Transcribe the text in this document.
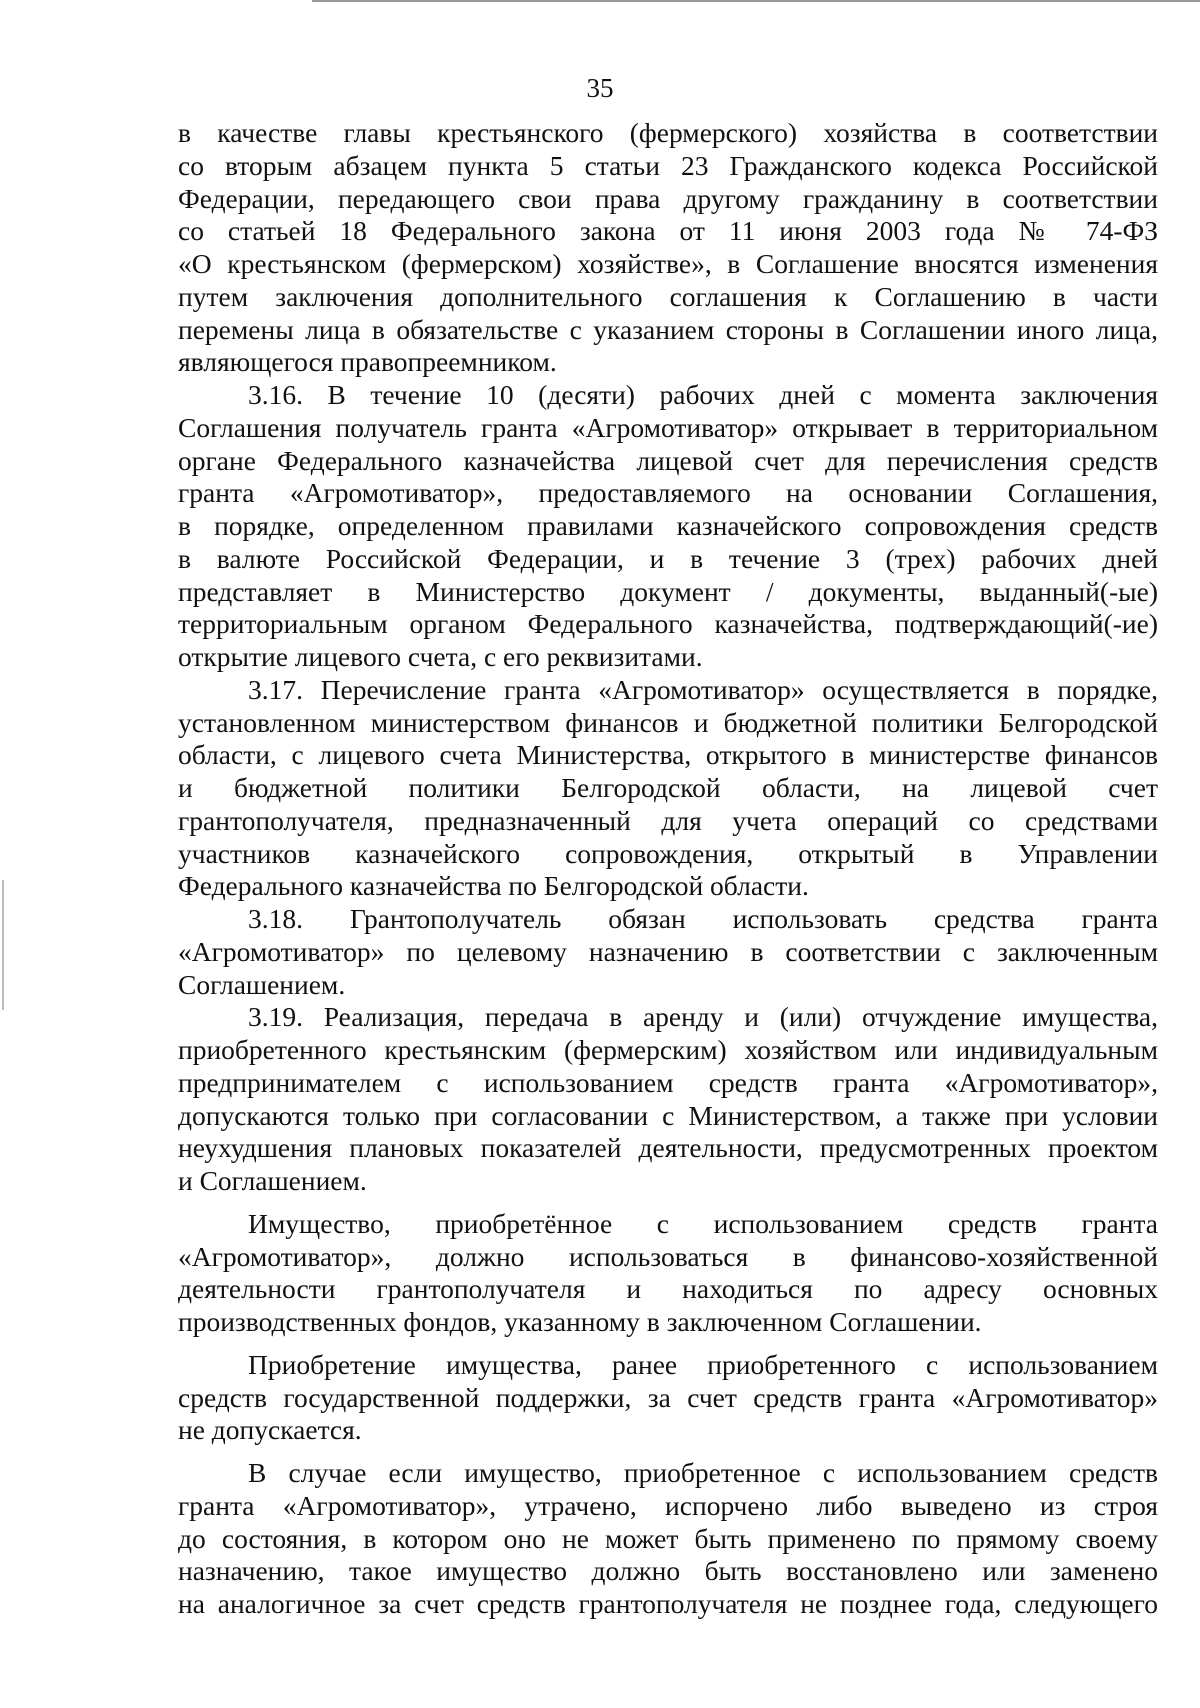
35
в качестве главы крестьянского (фермерского) хозяйства в соответствии
со вторым абзацем пункта 5 статьи 23 Гражданского кодекса Российской
Федерации, передающего свои права другому гражданину в соответствии
со статьей 18 Федерального закона от 11 июня 2003 года № 74-ФЗ
«О крестьянском (фермерском) хозяйстве», в Соглашение вносятся изменения
путем заключения дополнительного соглашения к Соглашению в части
перемены лица в обязательстве с указанием стороны в Соглашении иного лица,
являющегося правопреемником.
3.16. В течение 10 (десяти) рабочих дней с момента заключения
Соглашения получатель гранта «Агромотиватор» открывает в территориальном
органе Федерального казначейства лицевой счет для перечисления средств
гранта «Агромотиватор», предоставляемого на основании Соглашения,
в порядке, определенном правилами казначейского сопровождения средств
в валюте Российской Федерации, и в течение 3 (трех) рабочих дней
представляет в Министерство документ / документы, выданный(-ые)
территориальным органом Федерального казначейства, подтверждающий(-ие)
открытие лицевого счета, с его реквизитами.
3.17. Перечисление гранта «Агромотиватор» осуществляется в порядке,
установленном министерством финансов и бюджетной политики Белгородской
области, с лицевого счета Министерства, открытого в министерстве финансов
и бюджетной политики Белгородской области, на лицевой счет
грантополучателя, предназначенный для учета операций со средствами
участников казначейского сопровождения, открытый в Управлении
Федерального казначейства по Белгородской области.
3.18. Грантополучатель обязан использовать средства гранта
«Агромотиватор» по целевому назначению в соответствии с заключенным
Соглашением.
3.19. Реализация, передача в аренду и (или) отчуждение имущества,
приобретенного крестьянским (фермерским) хозяйством или индивидуальным
предпринимателем с использованием средств гранта «Агромотиватор»,
допускаются только при согласовании с Министерством, а также при условии
неухудшения плановых показателей деятельности, предусмотренных проектом
и Соглашением.
Имущество, приобретённое с использованием средств гранта
«Агромотиватор», должно использоваться в финансово-хозяйственной
деятельности грантополучателя и находиться по адресу основных
производственных фондов, указанному в заключенном Соглашении.
Приобретение имущества, ранее приобретенного с использованием
средств государственной поддержки, за счет средств гранта «Агромотиватор»
не допускается.
В случае если имущество, приобретенное с использованием средств
гранта «Агромотиватор», утрачено, испорчено либо выведено из строя
до состояния, в котором оно не может быть применено по прямому своему
назначению, такое имущество должно быть восстановлено или заменено
на аналогичное за счет средств грантополучателя не позднее года, следующего
